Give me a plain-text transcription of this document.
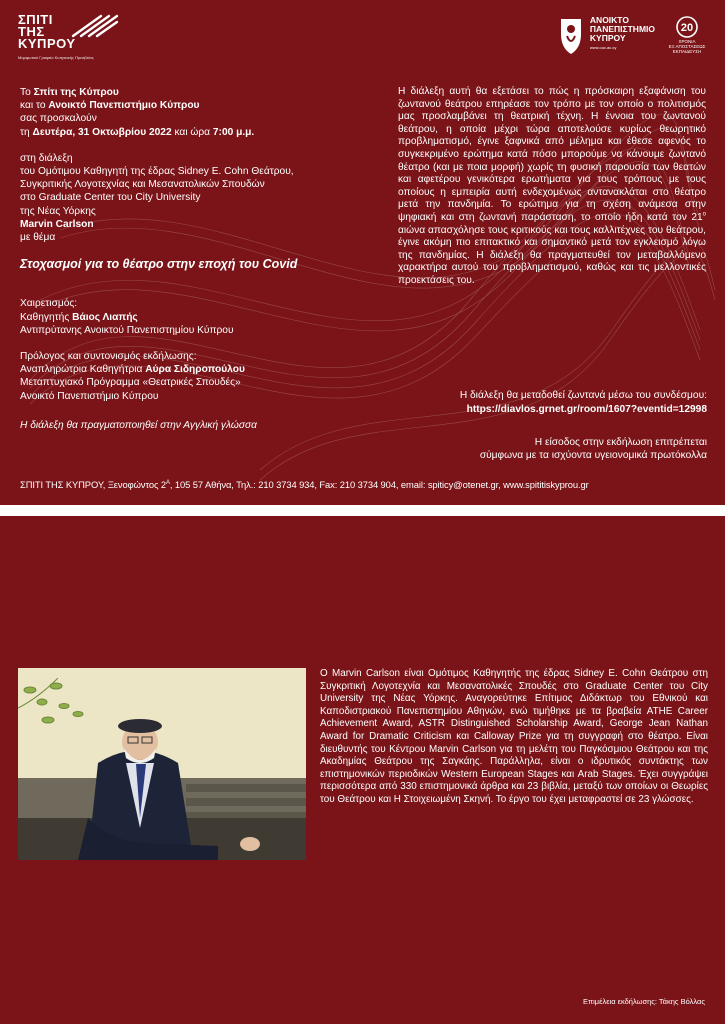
ΣΠΙΤΙ
ΤΗΣ
ΚΥΠΡΟΥ
Μορφωτικό Γραφείο Κυπριακής Πρεσβείας
ΑΝΟΙΚΤΟ
ΠΑΝΕΠΙΣΤΗΜΙΟ
ΚΥΠΡΟΥ
www.ouc.ac.cy
20
ΧΡΟΝΙΑ
ΕΞ ΑΠΟΣΤΑΣΕΩΣ
ΕΚΠΑΙΔΕΥΣΗ

Το Σπίτι της Κύπρου

και το Ανοικτό Πανεπιστήμιο Κύπρου

σας προσκαλούν

τη Δευτέρα, 31 Οκτωβρίου 2022 και ώρα 7:00 μ.μ.

στη διάλεξη

του Ομότιμου Καθηγητή της έδρας Sidney E. Cohn Θεάτρου,

Συγκριτικής Λογοτεχνίας και Μεσανατολικών Σπουδών

στο Graduate Center του City University

της Νέας Υόρκης

Marvin Carlson

με θέμα

Στοχασμοί για το θέατρο στην εποχή του Covid

Χαιρετισμός:

Καθηγητής Βάιος Λιαπής

Αντιπρύτανης Ανοικτού Πανεπιστημίου Κύπρου

Πρόλογος και συντονισμός εκδήλωσης:

Αναπληρώτρια Καθηγήτρια Αύρα Σιδηροπούλου

Μεταπτυχιακό Πρόγραμμα «Θεατρικές Σπουδές»

Ανοικτό Πανεπιστήμιο Κύπρου

Η διάλεξη θα πραγματοποιηθεί στην Αγγλική γλώσσα

Η διάλεξη αυτή θα εξετάσει το πώς η πρόσκαιρη εξαφάνιση του ζωντανού θεάτρου επηρέασε τον τρόπο με τον οποίο ο πολιτισμός μας προσλαμβάνει τη θεατρική τέχνη. Η έννοια του ζωντανού θεάτρου, η οποία μέχρι τώρα αποτελούσε κυρίως θεωρητικό προβληματισμό, έγινε ξαφνικά από μέλημα και έθεσε αφενός το συγκεκριμένο ερώτημα κατά πόσο μπορούμε να κάνουμε ζωντανό θέατρο (και με ποια μορφή) χωρίς τη φυσική παρουσία των θεατών και αφετέρου γενικότερα ερωτήματα για τους τρόπους με τους οποίους η εμπειρία αυτή ενδεχομένως αντανακλάται στο θέατρο μετά την πανδημία. Το ερώτημα για τη σχέση ανάμεσα στην ψηφιακή και στη ζωντανή παράσταση, το οποίο ήδη κατά τον $21^o$ αιώνα απασχόλησε τους κριτικούς και τους καλλιτέχνες του θεάτρου, έγινε ακόμη πιο επιτακτικό και σημαντικό μετά τον εγκλεισμό λόγω της πανδημίας. Η διάλεξη θα πραγματευθεί τον μεταβαλλόμενο χαρακτήρα αυτού του προβληματισμού, καθώς και τις μελλοντικές προεκτάσεις του.
Η διάλεξη θα μεταδοθεί ζωντανά μέσω του συνδέσμου:
https://diavlos.grnet.gr/room/1607?eventid=12998
Η είσοδος στην εκδήλωση επιτρέπεται
σύμφωνα με τα ισχύοντα υγειονομικά πρωτόκολλα
ΣΠΙΤΙ ΤΗΣ ΚΥΠΡΟΥ, Ξενοφώντος $2^A$, 105 57 Αθήνα, Τηλ.: 210 3734 934, Fax: 210 3734 904, email: spiticy@otenet.gr, www.spititiskyprou.gr
Ο Marvin Carlson είναι Ομότιμος Καθηγητής της έδρας Sidney E. Cohn Θεάτρου στη Συγκριτική Λογοτεχνία και Μεσανατολικές Σπουδές στο Graduate Center του City University της Νέας Υόρκης. Αναγορεύτηκε Επίτιμος Διδάκτωρ του Εθνικού και Καποδιστριακού Πανεπιστημίου Αθηνών, ενώ τιμήθηκε με τα βραβεία ATHE Career Achievement Award, ASTR Distinguished Scholarship Award, George Jean Nathan Award for Dramatic Criticism και Calloway Prize για τη συγγραφή στο θέατρο. Είναι διευθυντής του Κέντρου Marvin Carlson για τη μελέτη του Παγκόσμιου Θεάτρου και της Ακαδημίας Θεάτρου της Σαγκάης. Παράλληλα, είναι ο ιδρυτικός συντάκτης των επιστημονικών περιοδικών Western European Stages και Arab Stages. Έχει συγγράψει περισσότερα από 330 επιστημονικά άρθρα και 23 βιβλία, μεταξύ των οποίων οι Θεωρίες του Θεάτρου και Η Στοιχειωμένη Σκηνή. Το έργο του έχει μεταφραστεί σε 23 γλώσσες.
Επιμέλεια εκδήλωσης: Τάκης Βόλλας
